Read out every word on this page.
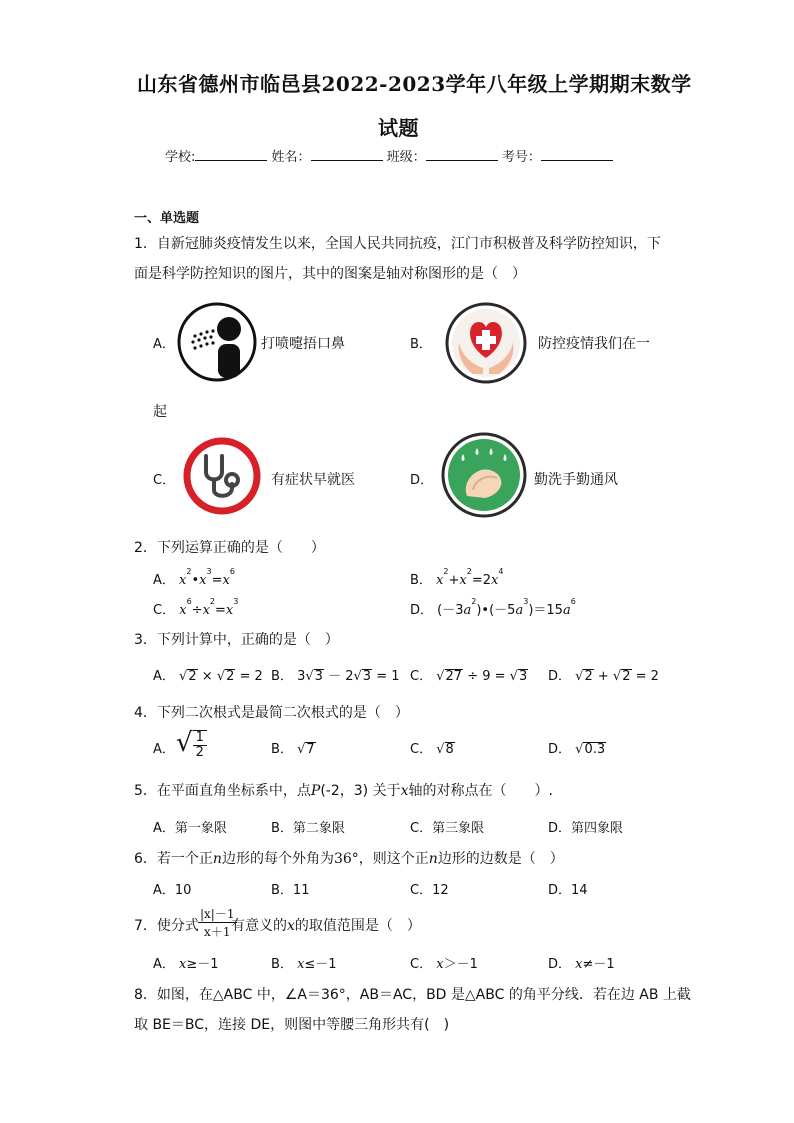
山东省德州市临邑县2022-2023学年八年级上学期期末数学
试题
学校:	姓名：	班级：	考号：
一、单选题
1．自新冠肺炎疫情发生以来，全国人民共同抗疫，江门市积极普及科学防控知识，下
面是科学防控知识的图片，其中的图案是轴对称图形的是（　）
A．	打喷嚏捂口鼻	B．	防控疫情我们在一
起
C．	有症状早就医	D．	勤洗手勤通风
2．下列运算正确的是（　　）
A． $x^2•x^3=x^6$
B． $x^2+x^2=2x^4$
C． $x^6\div x^2=x^3$
D． $(-3a^2)•(-5a^3)=15a^6$
3．下列计算中，正确的是（　）
A． √2 × √2 = 2 B． 3√3 － 2√3 = 1 C． √27 ÷ 9 = √3 D． √2 + √2 = 2
4．下列二次根式是最简二次根式的是（　）
A． √ $\frac{1}{2}$	B． √7	C． √8	D． √0.3
5．在平面直角坐标系中，点P(-2，3) 关于x轴的对称点在（　　）.
A．第一象限	B．第二象限	C．第三象限	D．第四象限
6．若一个正n边形的每个外角为36°，则这个正n边形的边数是（　）
A．10	B．11	C．12	D．14
7．使分式 $\frac{|x|-1}{x+1}$
有意义的x的取值范围是（　）
A． x≥－1	B． x≤－1	C． x＞－1	D． x≠－1
8．如图，在△ABC 中，∠A＝36°，AB＝AC，BD 是△ABC 的角平分线．若在边 AB 上截
取 BE＝BC，连接 DE，则图中等腰三角形共有(　)
